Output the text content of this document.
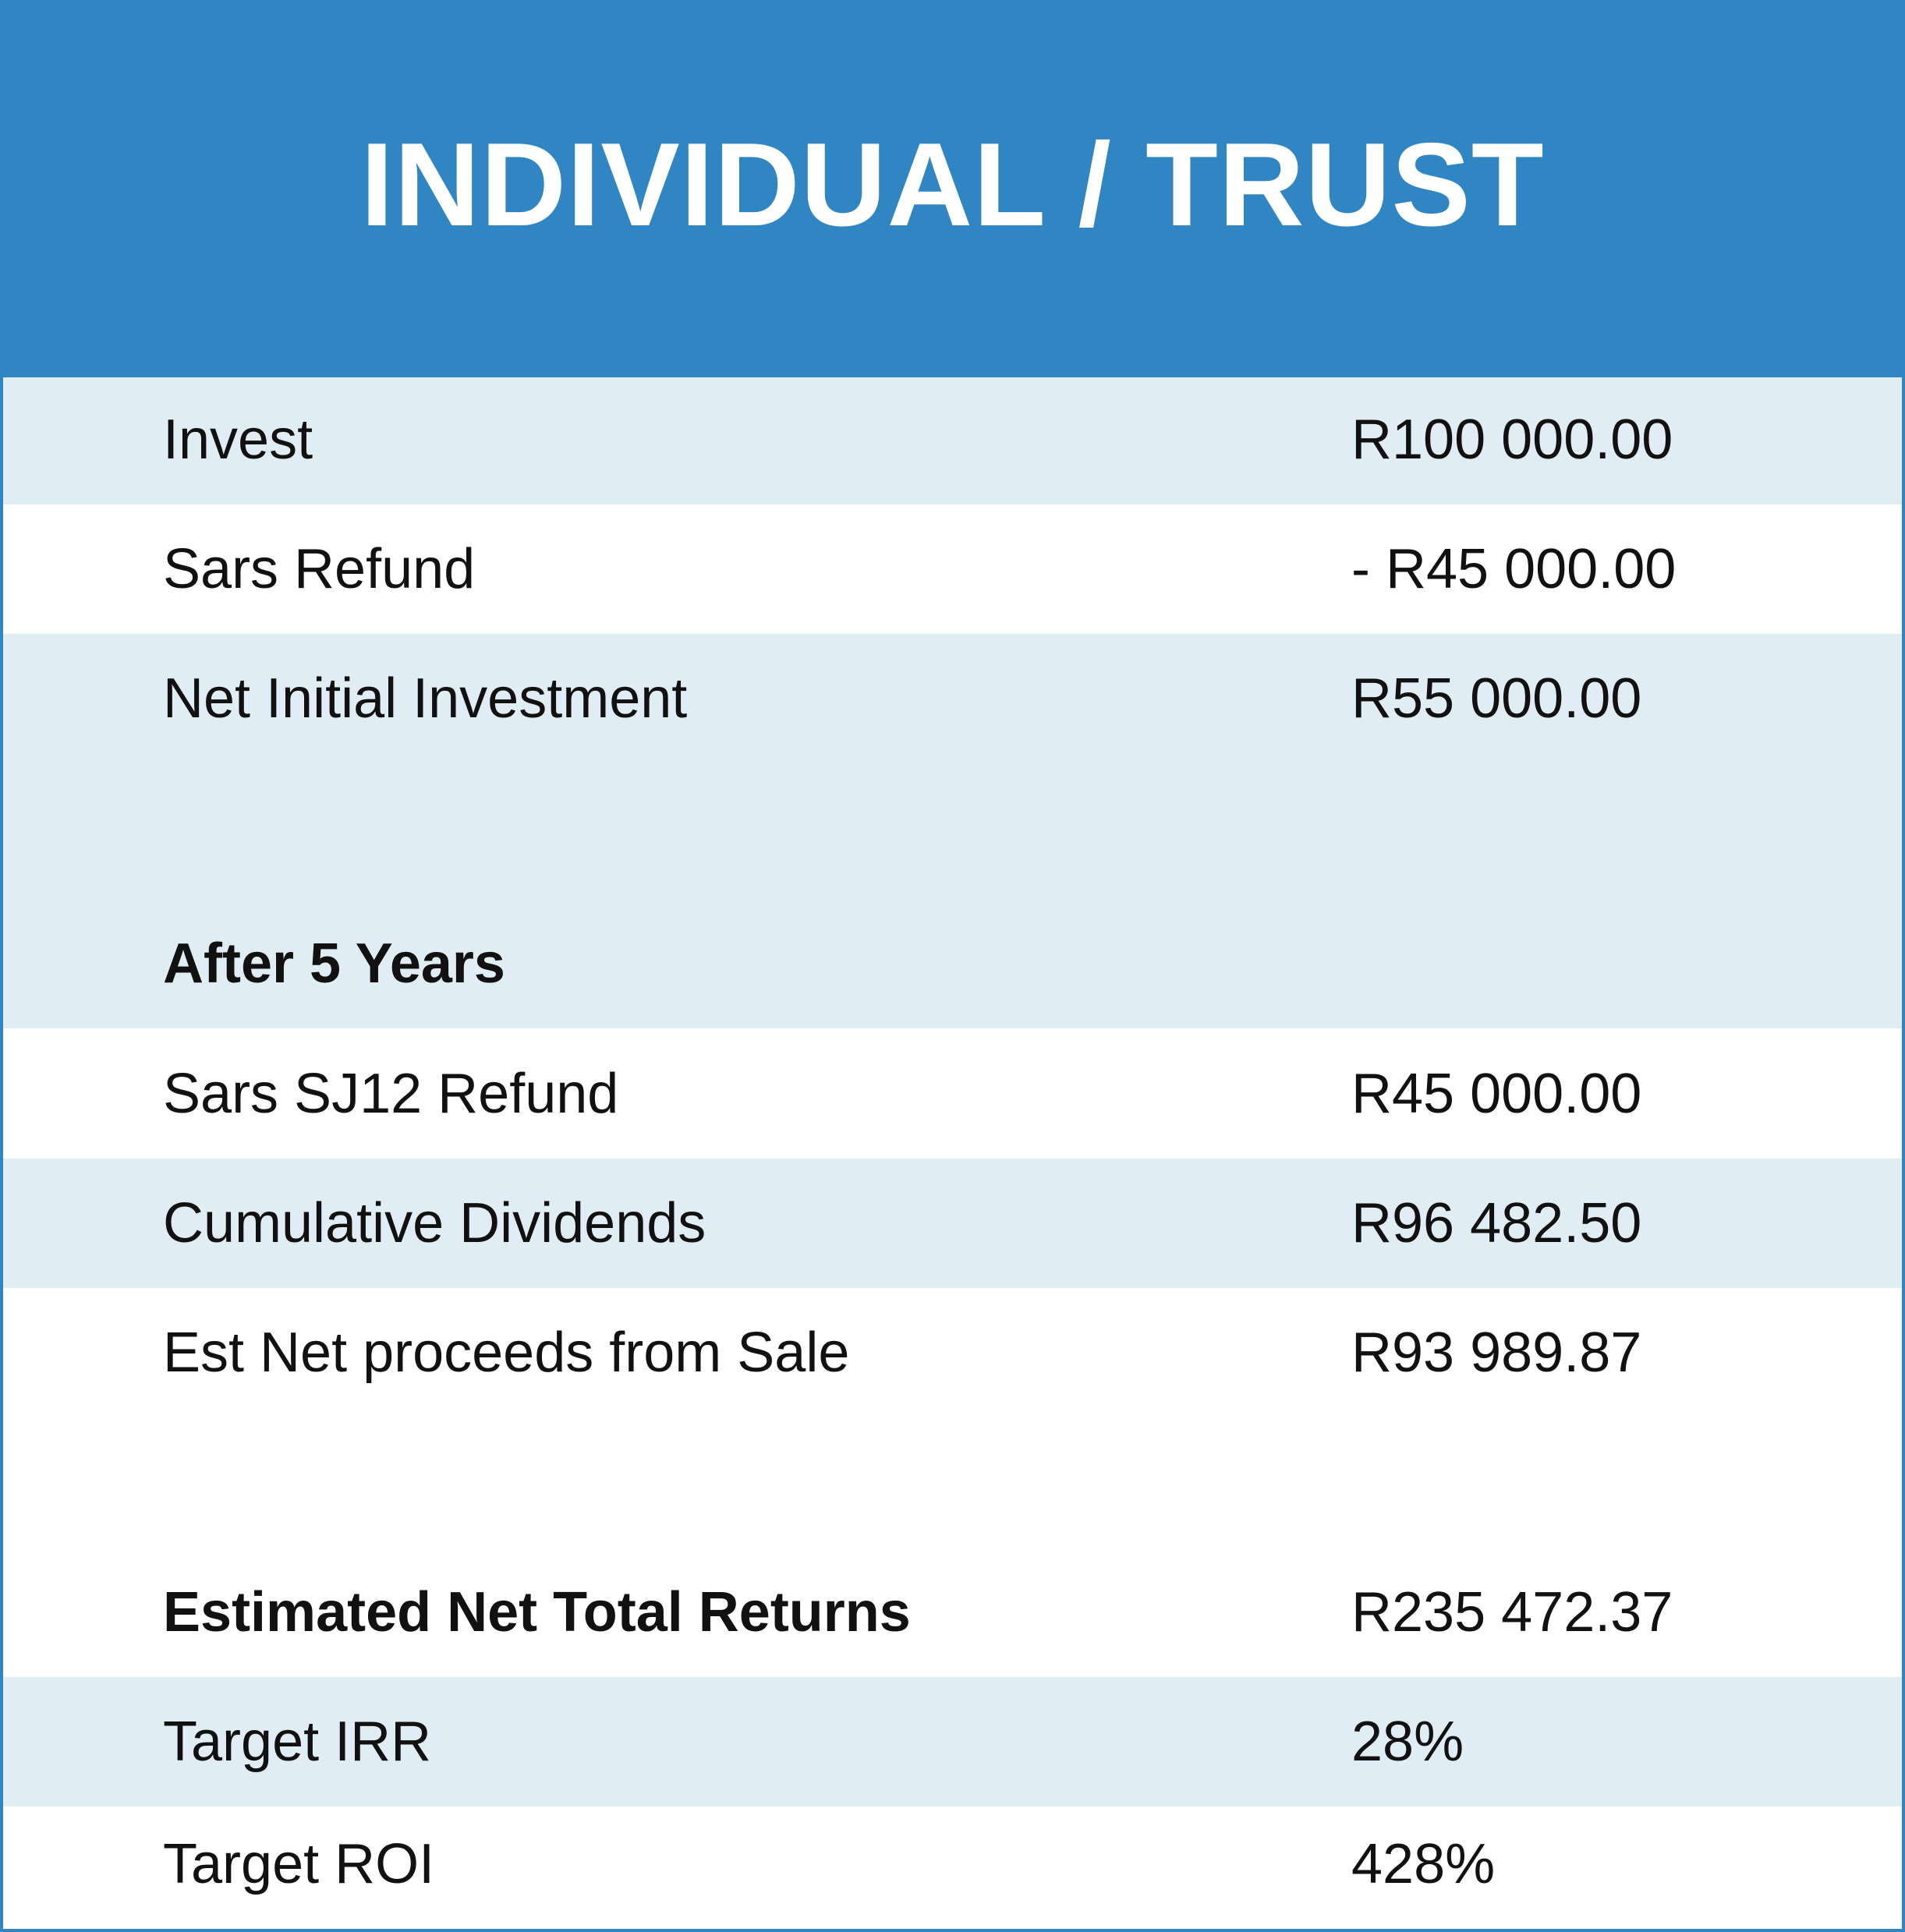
INDIVIDUAL / TRUST
Invest	R100 000.00
Sars Refund	- R45 000.00
Net Initial Investment	R55 000.00
After 5 Years
Sars SJ12 Refund	R45 000.00
Cumulative Dividends	R96 482.50
Est Net proceeds from Sale	R93 989.87
Estimated Net Total Returns	R235 472.37
Target IRR	28%
Target ROI	428%
